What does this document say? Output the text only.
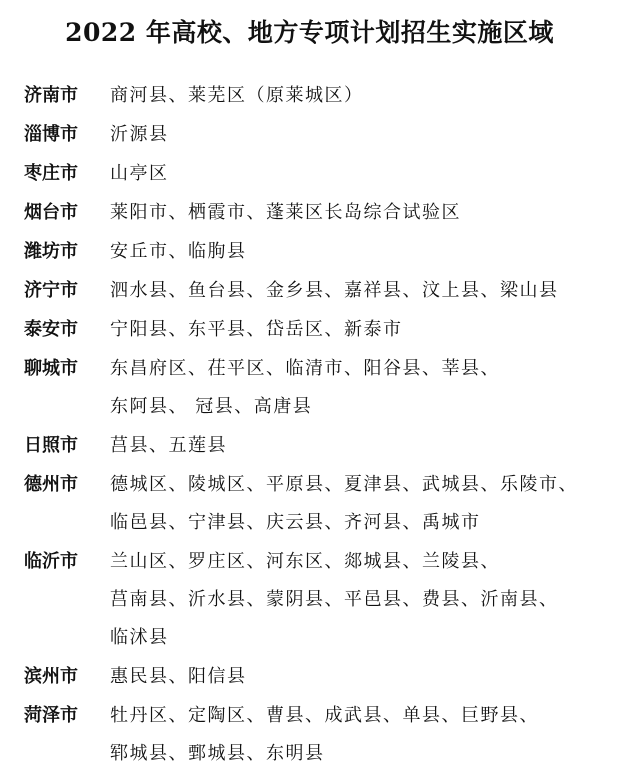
2022 年高校、地方专项计划招生实施区域
济南市	商河县、莱芜区（原莱城区）
淄博市	沂源县
枣庄市	山亭区
烟台市	莱阳市、栖霞市、蓬莱区长岛综合试验区
潍坊市	安丘市、临朐县
济宁市	泗水县、鱼台县、金乡县、嘉祥县、汶上县、梁山县
泰安市	宁阳县、东平县、岱岳区、新泰市
聊城市	东昌府区、茌平区、临清市、阳谷县、莘县、
东阿县、 冠县、高唐县
日照市	莒县、五莲县
德州市	德城区、陵城区、平原县、夏津县、武城县、乐陵市、
临邑县、宁津县、庆云县、齐河县、禹城市
临沂市	兰山区、罗庄区、河东区、郯城县、兰陵县、
莒南县、沂水县、蒙阴县、平邑县、费县、沂南县、
临沭县
滨州市	惠民县、阳信县
菏泽市	牡丹区、定陶区、曹县、成武县、单县、巨野县、
郓城县、鄄城县、东明县
